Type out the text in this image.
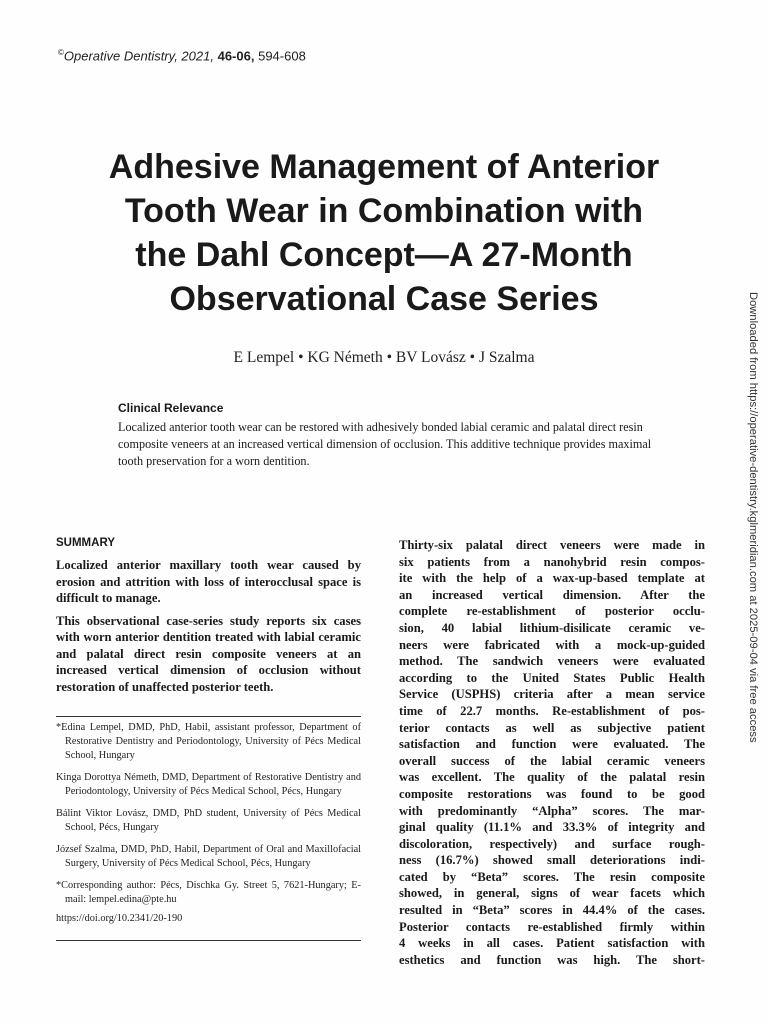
©Operative Dentistry, 2021, 46-06, 594-608
Adhesive Management of Anterior
Tooth Wear in Combination with
the Dahl Concept—A 27-Month
Observational Case Series
E Lempel • KG Németh • BV Lovász • J Szalma
Clinical Relevance
Localized anterior tooth wear can be restored with adhesively bonded labial ceramic and palatal direct resin composite veneers at an increased vertical dimension of occlusion. This additive technique provides maximal tooth preservation for a worn dentition.
SUMMARY

Localized anterior maxillary tooth wear caused by erosion and attrition with loss of interocclusal space is difficult to manage.

This observational case-series study reports six cases with worn anterior dentition treated with labial ceramic and palatal direct resin composite veneers at an increased vertical dimension of occlusion without restoration of unaffected posterior teeth.

*Edina Lempel, DMD, PhD, Habil, assistant professor, Department of Restorative Dentistry and Periodontology, University of Pécs Medical School, Hungary

Kinga Dorottya Németh, DMD, Department of Restorative Dentistry and Periodontology, University of Pécs Medical School, Pécs, Hungary

Bálint Viktor Lovász, DMD, PhD student, University of Pécs Medical School, Pécs, Hungary

József Szalma, DMD, PhD, Habil, Department of Oral and Maxillofacial Surgery, University of Pécs Medical School, Pécs, Hungary

*Corresponding author: Pécs, Dischka Gy. Street 5, 7621-Hungary; E-mail: lempel.edina@pte.hu

https://doi.org/10.2341/20-190

Thirty-six palatal direct veneers were made in
six patients from a nanohybrid resin compos-
ite with the help of a wax-up-based template at
an increased vertical dimension. After the
complete re-establishment of posterior occlu-
sion, 40 labial lithium-disilicate ceramic ve-
neers were fabricated with a mock-up-guided
method. The sandwich veneers were evaluated
according to the United States Public Health
Service (USPHS) criteria after a mean service
time of 22.7 months. Re-establishment of pos-
terior contacts as well as subjective patient
satisfaction and function were evaluated. The
overall success of the labial ceramic veneers
was excellent. The quality of the palatal resin
composite restorations was found to be good
with predominantly “Alpha” scores. The mar-
ginal quality (11.1% and 33.3% of integrity and
discoloration, respectively) and surface rough-
ness (16.7%) showed small deteriorations indi-
cated by “Beta” scores. The resin composite
showed, in general, signs of wear facets which
resulted in “Beta” scores in 44.4% of the cases.
Posterior contacts re-established firmly within
4 weeks in all cases. Patient satisfaction with
esthetics and function was high. The short-
Downloaded from https://operative-dentistry.kglmeridian.com at 2025-09-04 via free access
